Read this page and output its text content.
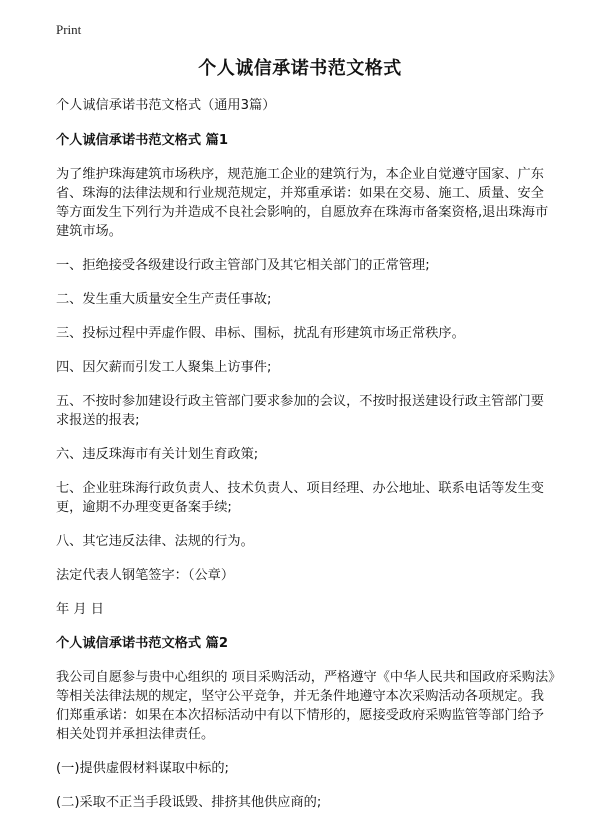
Print
个人诚信承诺书范文格式

个人诚信承诺书范文格式（通用3篇）

个人诚信承诺书范文格式 篇1

为了维护珠海建筑市场秩序，规范施工企业的建筑行为，本企业自觉遵守国家、广东省、珠海的法律法规和行业规范规定，并郑重承诺：如果在交易、施工、质量、安全等方面发生下列行为并造成不良社会影响的，自愿放弃在珠海市备案资格,退出珠海市建筑市场。

一、拒绝接受各级建设行政主管部门及其它相关部门的正常管理;

二、发生重大质量安全生产责任事故;

三、投标过程中弄虚作假、串标、围标，扰乱有形建筑市场正常秩序。

四、因欠薪而引发工人聚集上访事件;

五、不按时参加建设行政主管部门要求参加的会议，不按时报送建设行政主管部门要求报送的报表;

六、违反珠海市有关计划生育政策;

七、企业驻珠海行政负责人、技术负责人、项目经理、办公地址、联系电话等发生变更，逾期不办理变更备案手续;

八、其它违反法律、法规的行为。

法定代表人钢笔签字：（公章）

年 月 日

个人诚信承诺书范文格式 篇2

我公司自愿参与贵中心组织的 项目采购活动，严格遵守《中华人民共和国政府采购法》等相关法律法规的规定，坚守公平竞争，并无条件地遵守本次采购活动各项规定。我们郑重承诺：如果在本次招标活动中有以下情形的，愿接受政府采购监管等部门给予相关处罚并承担法律责任。

(一)提供虚假材料谋取中标的;

(二)采取不正当手段诋毁、排挤其他供应商的;
